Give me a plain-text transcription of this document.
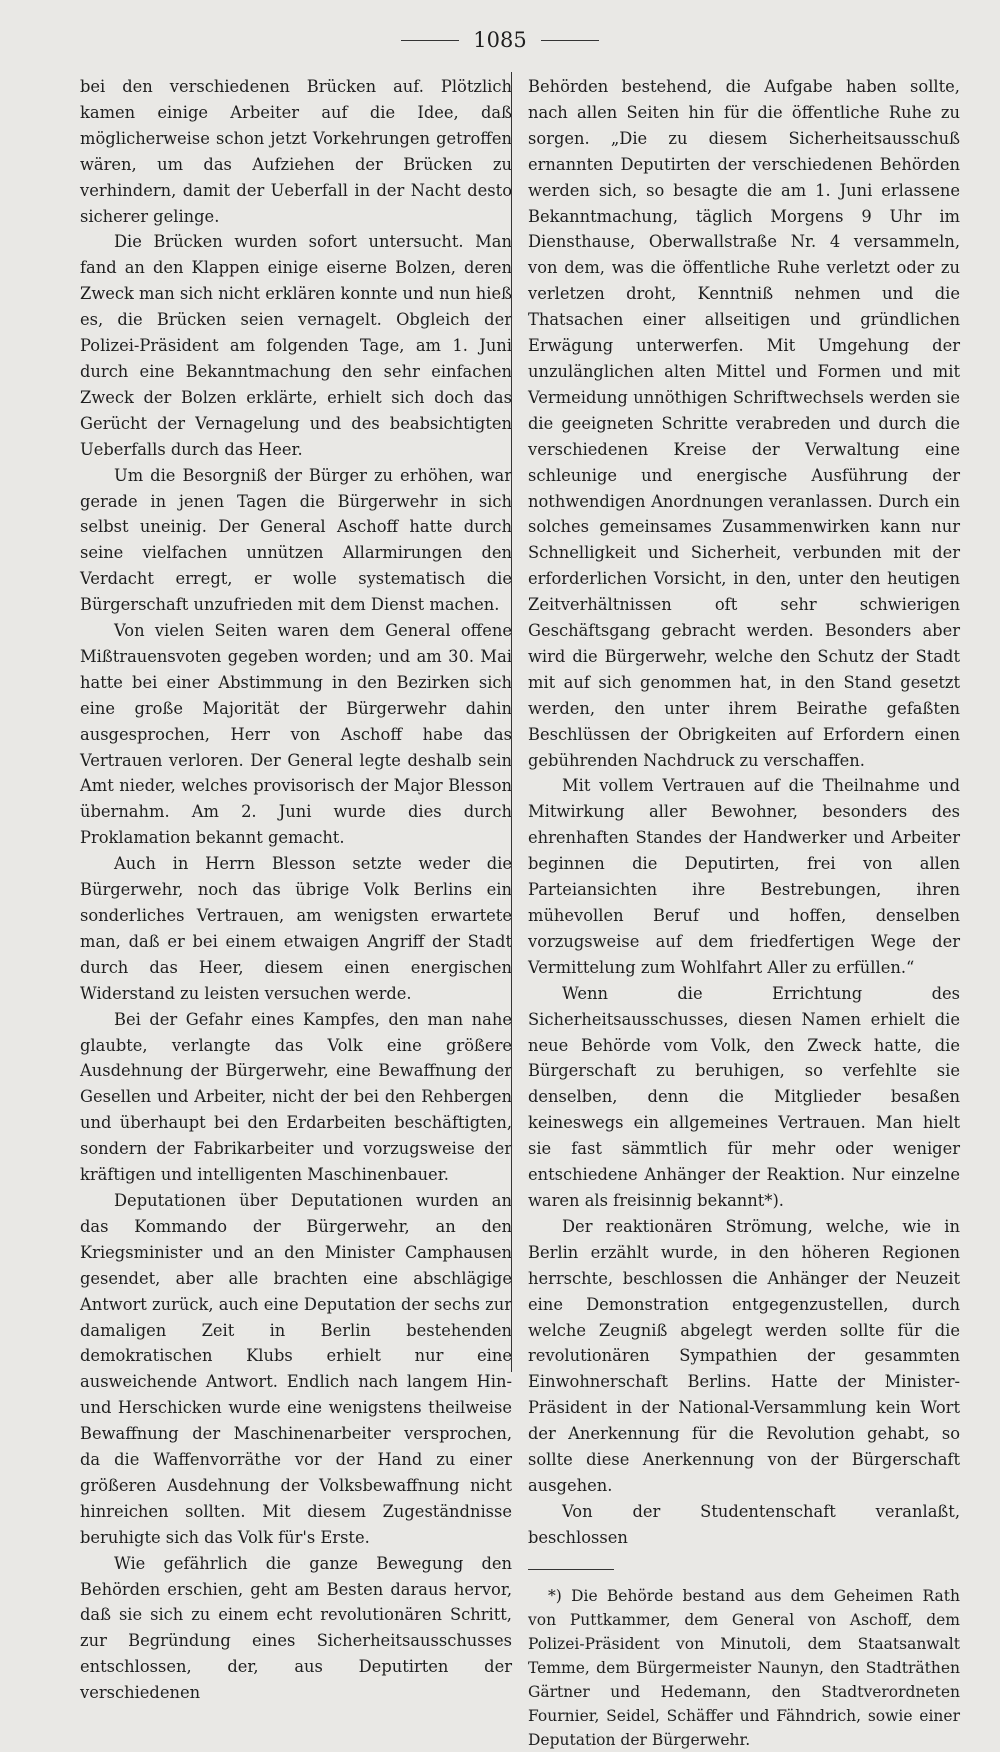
1085

bei den verschiedenen Brücken auf. Plötzlich kamen einige Arbeiter auf die Idee, daß möglicherweise schon jetzt Vorkehrungen getroffen wären, um das Aufziehen der Brücken zu verhindern, damit der Ueberfall in der Nacht desto sicherer gelinge.

Die Brücken wurden sofort untersucht. Man fand an den Klappen einige eiserne Bolzen, deren Zweck man sich nicht erklären konnte und nun hieß es, die Brücken seien vernagelt. Obgleich der Polizei-Präsident am folgenden Tage, am 1. Juni durch eine Bekanntmachung den sehr einfachen Zweck der Bolzen erklärte, erhielt sich doch das Gerücht der Vernagelung und des beabsichtigten Ueberfalls durch das Heer.

Um die Besorgniß der Bürger zu erhöhen, war gerade in jenen Tagen die Bürgerwehr in sich selbst uneinig. Der General Aschoff hatte durch seine vielfachen unnützen Allarmirungen den Verdacht erregt, er wolle systematisch die Bürgerschaft unzufrieden mit dem Dienst machen.

Von vielen Seiten waren dem General offene Mißtrauensvoten gegeben worden; und am 30. Mai hatte bei einer Abstimmung in den Bezirken sich eine große Majorität der Bürgerwehr dahin ausgesprochen, Herr von Aschoff habe das Vertrauen verloren. Der General legte deshalb sein Amt nieder, welches provisorisch der Major Blesson übernahm. Am 2. Juni wurde dies durch Proklamation bekannt gemacht.

Auch in Herrn Blesson setzte weder die Bürgerwehr, noch das übrige Volk Berlins ein sonderliches Vertrauen, am wenigsten erwartete man, daß er bei einem etwaigen Angriff der Stadt durch das Heer, diesem einen energischen Widerstand zu leisten versuchen werde.

Bei der Gefahr eines Kampfes, den man nahe glaubte, verlangte das Volk eine größere Ausdehnung der Bürgerwehr, eine Bewaffnung der Gesellen und Arbeiter, nicht der bei den Rehbergen und überhaupt bei den Erdarbeiten beschäftigten, sondern der Fabrikarbeiter und vorzugsweise der kräftigen und intelligenten Maschinenbauer.

Deputationen über Deputationen wurden an das Kommando der Bürgerwehr, an den Kriegsminister und an den Minister Camphausen gesendet, aber alle brachten eine abschlägige Antwort zurück, auch eine Deputation der sechs zur damaligen Zeit in Berlin bestehenden demokratischen Klubs erhielt nur eine ausweichende Antwort. Endlich nach langem Hin- und Herschicken wurde eine wenigstens theilweise Bewaffnung der Maschinenarbeiter versprochen, da die Waffenvorräthe vor der Hand zu einer größeren Ausdehnung der Volksbewaffnung nicht hinreichen sollten. Mit diesem Zugeständnisse beruhigte sich das Volk für's Erste.

Wie gefährlich die ganze Bewegung den Behörden erschien, geht am Besten daraus hervor, daß sie sich zu einem echt revolutionären Schritt, zur Begründung eines Sicherheitsausschusses entschlossen, der, aus Deputirten der verschiedenen

Behörden bestehend, die Aufgabe haben sollte, nach allen Seiten hin für die öffentliche Ruhe zu sorgen. „Die zu diesem Sicherheitsausschuß ernannten Deputirten der verschiedenen Behörden werden sich, so besagte die am 1. Juni erlassene Bekanntmachung, täglich Morgens 9 Uhr im Diensthause, Oberwallstraße Nr. 4 versammeln, von dem, was die öffentliche Ruhe verletzt oder zu verletzen droht, Kenntniß nehmen und die Thatsachen einer allseitigen und gründlichen Erwägung unterwerfen. Mit Umgehung der unzulänglichen alten Mittel und Formen und mit Vermeidung unnöthigen Schriftwechsels werden sie die geeigneten Schritte verabreden und durch die verschiedenen Kreise der Verwaltung eine schleunige und energische Ausführung der nothwendigen Anordnungen veranlassen. Durch ein solches gemeinsames Zusammenwirken kann nur Schnelligkeit und Sicherheit, verbunden mit der erforderlichen Vorsicht, in den, unter den heutigen Zeitverhältnissen oft sehr schwierigen Geschäftsgang gebracht werden. Besonders aber wird die Bürgerwehr, welche den Schutz der Stadt mit auf sich genommen hat, in den Stand gesetzt werden, den unter ihrem Beirathe gefaßten Beschlüssen der Obrigkeiten auf Erfordern einen gebührenden Nachdruck zu verschaffen.

Mit vollem Vertrauen auf die Theilnahme und Mitwirkung aller Bewohner, besonders des ehrenhaften Standes der Handwerker und Arbeiter beginnen die Deputirten, frei von allen Parteiansichten ihre Bestrebungen, ihren mühevollen Beruf und hoffen, denselben vorzugsweise auf dem friedfertigen Wege der Vermittelung zum Wohlfahrt Aller zu erfüllen.“

Wenn die Errichtung des Sicherheitsausschusses, diesen Namen erhielt die neue Behörde vom Volk, den Zweck hatte, die Bürgerschaft zu beruhigen, so verfehlte sie denselben, denn die Mitglieder besaßen keineswegs ein allgemeines Vertrauen. Man hielt sie fast sämmtlich für mehr oder weniger entschiedene Anhänger der Reaktion. Nur einzelne waren als freisinnig bekannt*).

Der reaktionären Strömung, welche, wie in Berlin erzählt wurde, in den höheren Regionen herrschte, beschlossen die Anhänger der Neuzeit eine Demonstration entgegenzustellen, durch welche Zeugniß abgelegt werden sollte für die revolutionären Sympathien der gesammten Einwohnerschaft Berlins. Hatte der Minister-Präsident in der National-Versammlung kein Wort der Anerkennung für die Revolution gehabt, so sollte diese Anerkennung von der Bürgerschaft ausgehen.

Von der Studentenschaft veranlaßt, beschlossen

*) Die Behörde bestand aus dem Geheimen Rath von Puttkammer, dem General von Aschoff, dem Polizei-Präsident von Minutoli, dem Staatsanwalt Temme, dem Bürgermeister Naunyn, den Stadträthen Gärtner und Hedemann, den Stadtverordneten Fournier, Seidel, Schäffer und Fähndrich, sowie einer Deputation der Bürgerwehr.
